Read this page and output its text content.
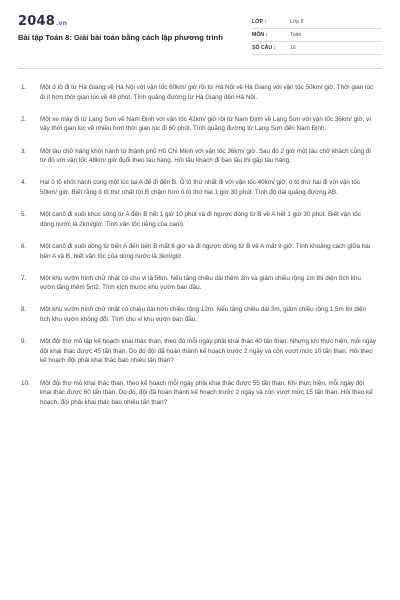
2048.vn
Bài tập Toán 8: Giải bài toán bằng cách lập phương trình
LỚP :	Lớp 8
MÔN :	Toán
SỐ CÂU :	16
1.	Một ô tô đi từ Hà Giang về Hà Nội với vận tốc 60km/ giờ rồi từ Hà Nội về Hà Giang với vận tốc 50km/ giờ. Thời gian lúc đi ít hơn thời gian lúc về 48 phút. Tính quãng đường từ Hà Giang đến Hà Nội.
2.	Một xe máy đi từ Lạng Sơn về Nam Định với vận tốc 42km/ giờ rồi từ Nam Định về Lạng Sơn với vận tốc 36km/ giờ, vì vậy thời gian lúc về nhiều hơn thời gian lúc đi 60 phút. Tính quãng đường từ Lạng Sơn đến Nam Định.
3.	Một tàu chở hàng khởi hành từ thành phố Hồ Chí Minh với vận tốc 36km/ giờ. Sau đó 2 giờ một tàu chở khách cũng đi từ đó với vận tốc 48km/ giờ đuổi theo tàu hàng. Hỏi tàu khách đi bao lâu thì gặp tàu hàng.
4.	Hai ô tô khởi hành cùng một lúc tại A để đi đến B. Ô tô thứ nhất đi với vận tốc 40km/ giờ, ô tô thứ hai đi với vận tốc 50km/ giờ. Biết rằng ô tô thứ nhất tới B chậm hơn ô tô thứ hai 1 giờ 30 phút. Tính độ dài quãng đường AB.
5.	Một canô đi xuôi khúc sông từ A đến B hết 1 giờ 10 phút và đi ngược dòng từ B về A hết 1 giờ 30 phút. Biết vận tốc dòng nước là 2km/giờ. Tính vận tốc riêng của canô.
6.	Một canô đi xuôi dòng từ bến A đến bến B mất 6 giờ và đi ngược dòng từ B về A mất 9 giờ. Tính khoảng cách giữa hai bến A và B, biết vận tốc của dòng nước là 3km/giờ.
7.	Một khu vườn hình chữ nhật có chu vi là 56m. Nếu tăng chiều dài thêm 3m và giảm chiều rộng 1m thì diện tích khu vườn tăng thêm 5m2. Tính kích thước khu vườn ban đầu.
8.	Một khu vườn hình chữ nhật có chiều dài hơn chiều rộng 12m. Nếu tăng chiều dài 3m, giảm chiều rộng 1,5m thì diện tích khu vườn không đổi. Tính chu vi khu vườn ban đầu.
9.	Một đội thợ mỏ lập kế hoạch khai thác than, theo đó mỗi ngày phải khai thác 40 tấn than. Nhưng khi thực hiện, mỗi ngày đội khai thác được 45 tấn than. Do đó đội đã hoàn thành kế hoạch trước 2 ngày và còn vượt mức 10 tấn than. Hỏi theo kế hoạch đội phải khai thác bao nhiêu tấn than?
10.	Một đội thợ mỏ khai thác than, theo kế hoạch mỗi ngày phải khai thác được 55 tấn than. Khi thực hiện, mỗi ngày đội khai thác được 60 tấn than. Do đó, đội đã hoàn thành kế hoạch trước 2 ngày và còn vượt mức 15 tấn than. Hỏi theo kế hoạch, đội phải khai thác bao nhiêu tấn than?
